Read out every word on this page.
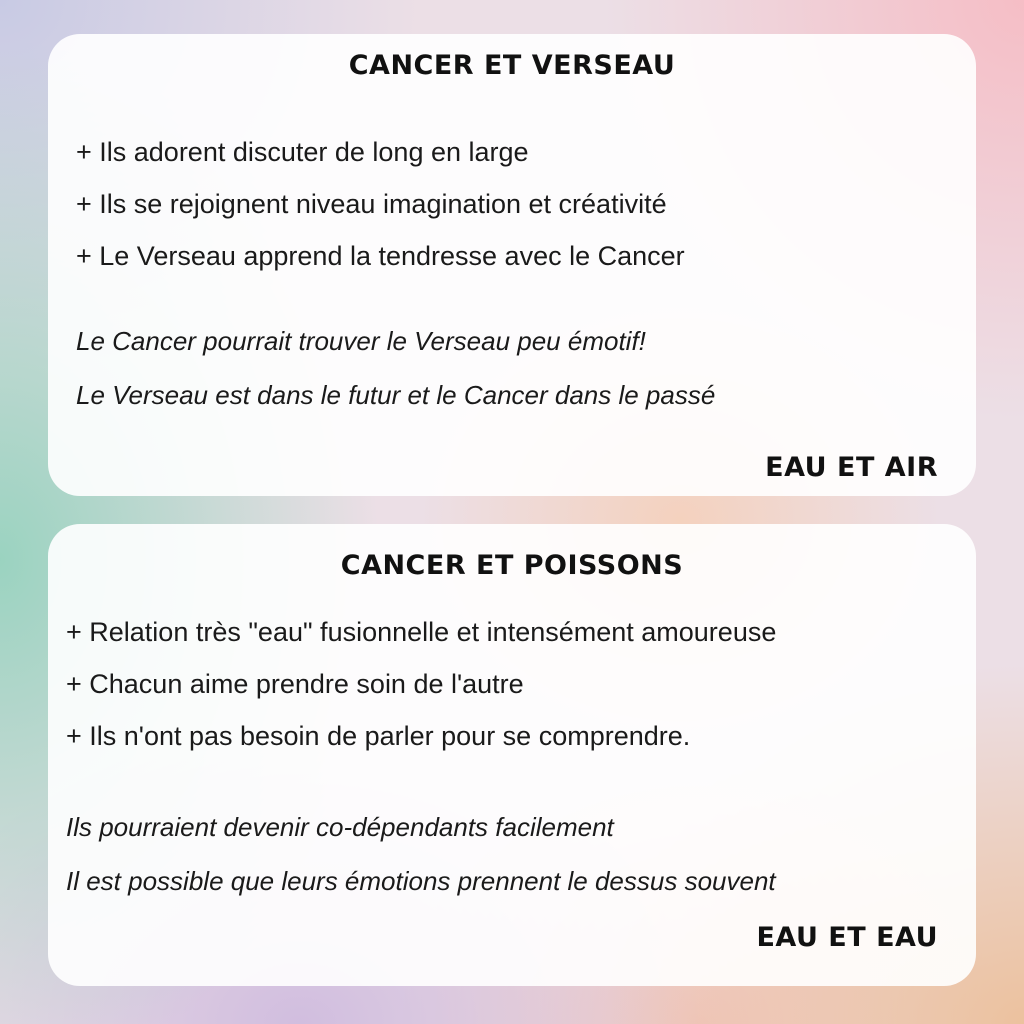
CANCER ET VERSEAU
+ Ils adorent discuter de long en large
+ Ils se rejoignent niveau imagination et créativité
+ Le Verseau apprend la tendresse avec le Cancer
Le Cancer pourrait trouver le Verseau peu émotif!
Le Verseau est dans le futur et le Cancer dans le passé
EAU ET AIR
CANCER ET POISSONS
+ Relation très "eau" fusionnelle et intensément amoureuse
+ Chacun aime prendre soin de l'autre
+ Ils n'ont pas besoin de parler pour se comprendre.
Ils pourraient devenir co-dépendants facilement
Il est possible que leurs émotions prennent le dessus souvent
EAU ET EAU
